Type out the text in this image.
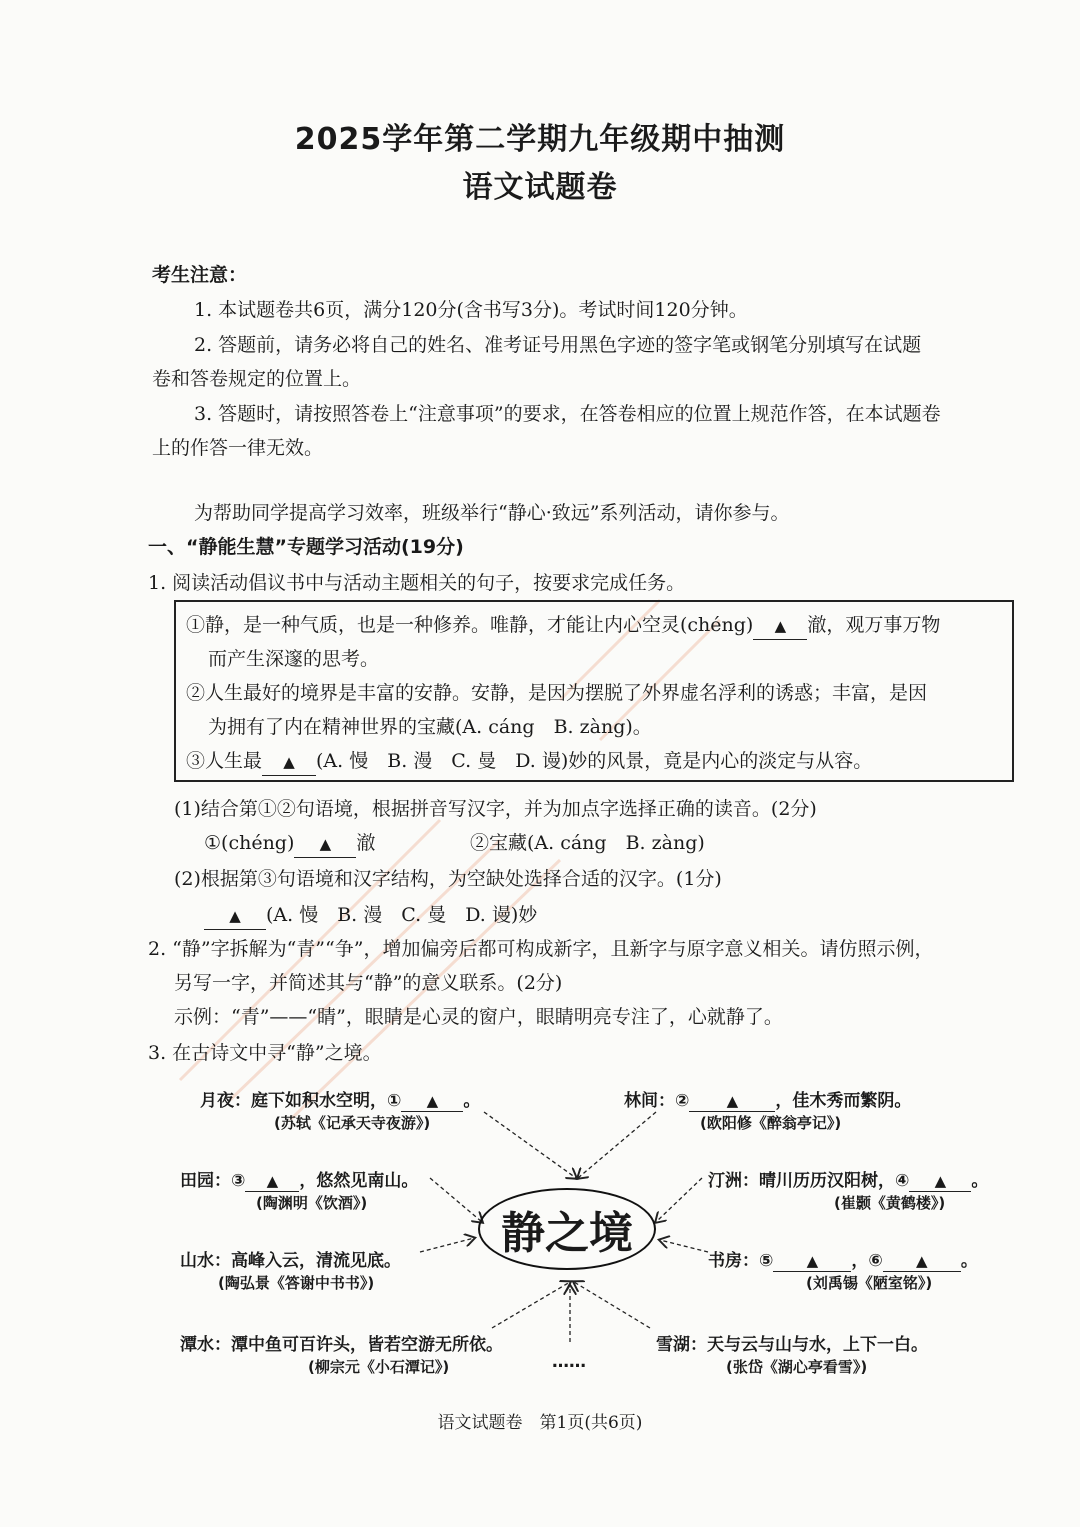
2025学年第二学期九年级期中抽测
语文试题卷
考生注意：
1. 本试题卷共6页，满分120分(含书写3分)。考试时间120分钟。
2. 答题前，请务必将自己的姓名、准考证号用黑色字迹的签字笔或钢笔分别填写在试题
卷和答卷规定的位置上。
3. 答题时，请按照答卷上“注意事项”的要求，在答卷相应的位置上规范作答，在本试题卷
上的作答一律无效。
为帮助同学提高学习效率，班级举行“静心·致远”系列活动，请你参与。
一、“静能生慧”专题学习活动(19分)
1. 阅读活动倡议书中与活动主题相关的句子，按要求完成任务。
①静，是一种气质，也是一种修养。唯静，才能让内心空灵(chéng) ▲ 澈，观万事万物
而产生深邃的思考。
②人生最好的境界是丰富的安静。安静，是因为摆脱了外界虚名浮利的诱惑；丰富，是因
为拥有了内在精神世界的宝藏(A. cáng　B. zàng)。
③人生最 ▲ (A. 慢　B. 漫　C. 曼　D. 谩)妙的风景，竟是内心的淡定与从容。
(1)结合第①②句语境，根据拼音写汉字，并为加点字选择正确的读音。(2分)
①(chéng) ▲ 澈	②宝藏(A. cáng　B. zàng)
(2)根据第③句语境和汉字结构，为空缺处选择合适的汉字。(1分)
▲ (A. 慢　B. 漫　C. 曼　D. 谩)妙
2. “静”字拆解为“青”“争”，增加偏旁后都可构成新字，且新字与原字意义相关。请仿照示例，
另写一字，并简述其与“静”的意义联系。(2分)
示例：“青”——“睛”，眼睛是心灵的窗户，眼睛明亮专注了，心就静了。
3. 在古诗文中寻“静”之境。
静之境
月夜：庭下如积水空明，① ▲ 。
(苏轼《记承天寺夜游》)
林间：② ▲ ，佳木秀而繁阴。
(欧阳修《醉翁亭记》)
田园：③ ▲ ，悠然见南山。
(陶渊明《饮酒》)
汀洲：晴川历历汉阳树，④ ▲ 。
(崔颢《黄鹤楼》)
山水：高峰入云，清流见底。
(陶弘景《答谢中书书》)
书房：⑤ ▲ ，⑥ ▲ 。
(刘禹锡《陋室铭》)
潭水：潭中鱼可百许头，皆若空游无所依。
(柳宗元《小石潭记》)	……
雪湖：天与云与山与水，上下一白。
(张岱《湖心亭看雪》)
语文试题卷　第1页(共6页)
